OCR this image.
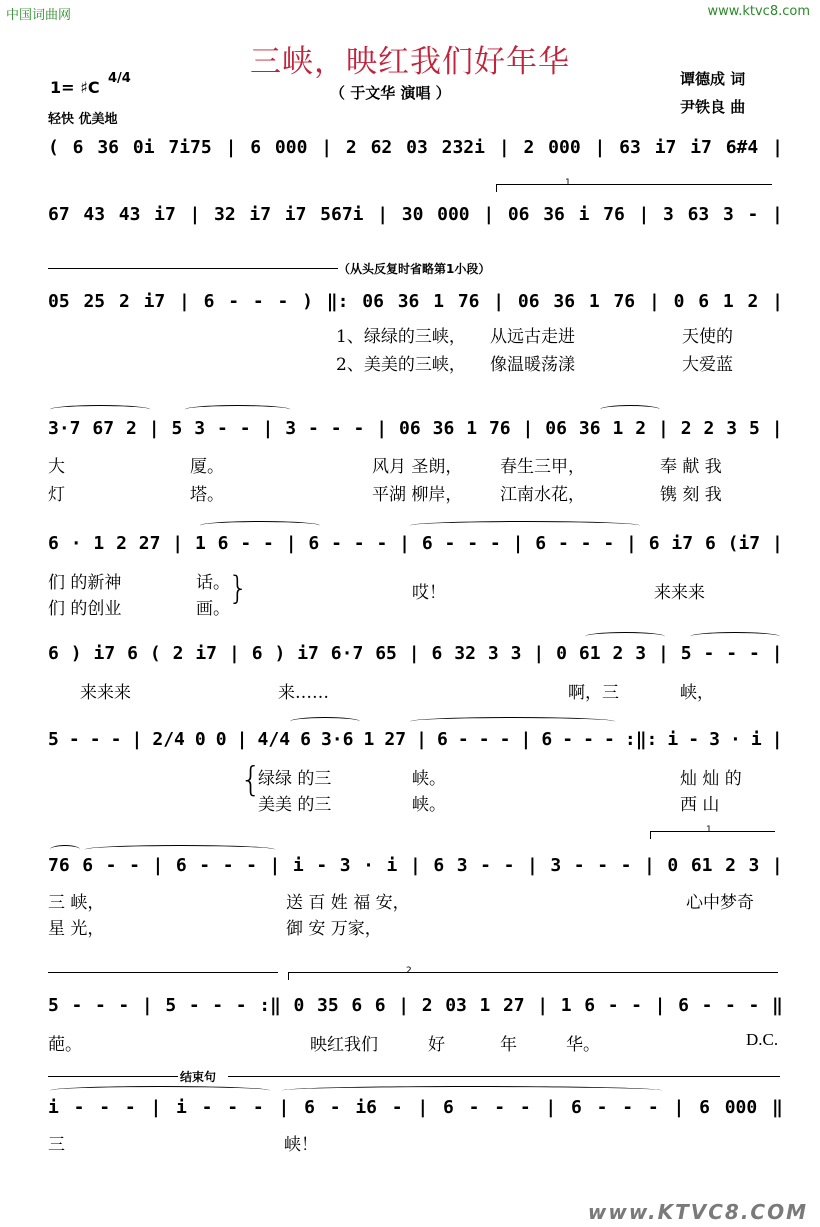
中国词曲网	www.ktvc8.com
三峡，映红我们好年华
1= ♯C 4/4
轻快 优美地
（ 于文华 演唱 ）
谭德成 词
尹铁良 曲
( 6 36 0i 7i75 | 6 000 | 2 62 03 232i | 2 000 | 63 i7 i7 6#4 |
67 43 43 i7 | 32 i7 i7 567i | 30 000 | 06 36 i 76 | 3 63 3 - |
（从头反复时省略第1小段）
05 25 2 i7 | 6 - - - ) ‖: 06 36 1 76 | 06 36 1 76 | 0 6 1 2 |
1、绿绿的三峡， 从远古走进	天使的
2、美美的三峡， 像温暖荡漾	大爱蓝
3·7 67 2 | 5 3 - - | 3 - - - | 06 36 1 76 | 06 36 1 2 | 2 2 3 5 |
大	厦。	风月 圣朗， 春生三甲，	奉 献 我
灯	塔。	平湖 柳岸， 江南水花，	镌 刻 我
6 · 1 2 27 | 1 6 - - | 6 - - - | 6 - - - | 6 - - - | 6 i7 6 (i7 |
们 的新神	话。
们 的创业	画。
}	哎！	来来来
6 ) i7 6 ( 2 i7 | 6 ) i7 6·7 65 | 6 32 3 3 | 0 61 2 3 | 5 - - - |
来来来	来……	啊，三	峡，
5 - - - | 2/4 0 0 | 4/4 6 3·6 1 27 | 6 - - - | 6 - - - :‖: i - 3 · i |
{
绿绿 的三	峡。	灿 灿 的
美美 的三	峡。	西 山
76 6 - - | 6 - - - | i - 3 · i | 6 3 - - | 3 - - - | 0 61 2 3 |
三 峡，	送 百 姓 福 安，	心中梦奇
星 光，	御 安 万家，
2
5 - - - | 5 - - - :‖ 0 35 6 6 | 2 03 1 27 | 1 6 - - | 6 - - - ‖
葩。	映红我们	好	年	华。	D.C.
结束句
i - - - | i - - - | 6 - i6 - | 6 - - - | 6 - - - | 6 000 ‖
三	峡！
1
1
www.KTVC8.COM
